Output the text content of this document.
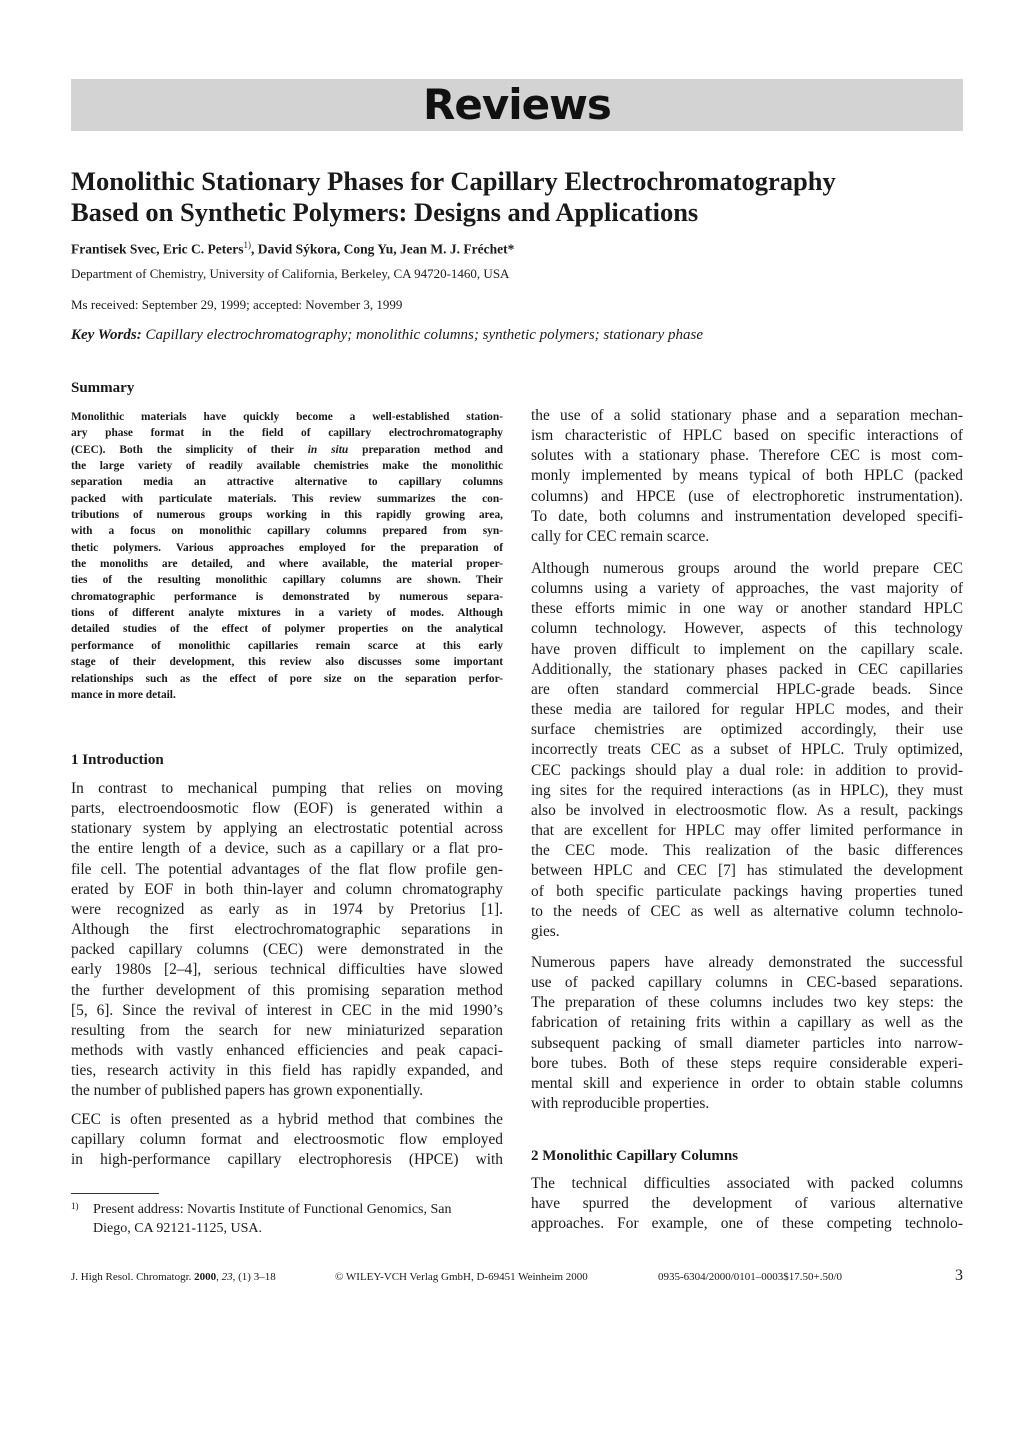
Reviews
Monolithic Stationary Phases for Capillary Electrochromatography
Based on Synthetic Polymers: Designs and Applications
Frantisek Svec, Eric C. Peters$^{1)}$, David Sýkora, Cong Yu, Jean M. J. Fréchet*
Department of Chemistry, University of California, Berkeley, CA 94720-1460, USA
Ms received: September 29, 1999; accepted: November 3, 1999
Key Words: Capillary electrochromatography; monolithic columns; synthetic polymers; stationary phase
Summary
Monolithic materials have quickly become a well-established station-
ary phase format in the field of capillary electrochromatography
(CEC). Both the simplicity of their in situ preparation method and
the large variety of readily available chemistries make the monolithic
separation media an attractive alternative to capillary columns
packed with particulate materials. This review summarizes the con-
tributions of numerous groups working in this rapidly growing area,
with a focus on monolithic capillary columns prepared from syn-
thetic polymers. Various approaches employed for the preparation of
the monoliths are detailed, and where available, the material proper-
ties of the resulting monolithic capillary columns are shown. Their
chromatographic performance is demonstrated by numerous separa-
tions of different analyte mixtures in a variety of modes. Although
detailed studies of the effect of polymer properties on the analytical
performance of monolithic capillaries remain scarce at this early
stage of their development, this review also discusses some important
relationships such as the effect of pore size on the separation perfor-
mance in more detail.
1 Introduction
In contrast to mechanical pumping that relies on moving
parts, electroendoosmotic flow (EOF) is generated within a
stationary system by applying an electrostatic potential across
the entire length of a device, such as a capillary or a flat pro-
file cell. The potential advantages of the flat flow profile gen-
erated by EOF in both thin-layer and column chromatography
were recognized as early as in 1974 by Pretorius [1].
Although the first electrochromatographic separations in
packed capillary columns (CEC) were demonstrated in the
early 1980s [2–4], serious technical difficulties have slowed
the further development of this promising separation method
[5, 6]. Since the revival of interest in CEC in the mid 1990’s
resulting from the search for new miniaturized separation
methods with vastly enhanced efficiencies and peak capaci-
ties, research activity in this field has rapidly expanded, and
the number of published papers has grown exponentially.
CEC is often presented as a hybrid method that combines the
capillary column format and electroosmotic flow employed
in high-performance capillary electrophoresis (HPCE) with
1) Present address: Novartis Institute of Functional Genomics, San
Diego, CA 92121-1125, USA.
the use of a solid stationary phase and a separation mechan-
ism characteristic of HPLC based on specific interactions of
solutes with a stationary phase. Therefore CEC is most com-
monly implemented by means typical of both HPLC (packed
columns) and HPCE (use of electrophoretic instrumentation).
To date, both columns and instrumentation developed specifi-
cally for CEC remain scarce.
Although numerous groups around the world prepare CEC
columns using a variety of approaches, the vast majority of
these efforts mimic in one way or another standard HPLC
column technology. However, aspects of this technology
have proven difficult to implement on the capillary scale.
Additionally, the stationary phases packed in CEC capillaries
are often standard commercial HPLC-grade beads. Since
these media are tailored for regular HPLC modes, and their
surface chemistries are optimized accordingly, their use
incorrectly treats CEC as a subset of HPLC. Truly optimized,
CEC packings should play a dual role: in addition to provid-
ing sites for the required interactions (as in HPLC), they must
also be involved in electroosmotic flow. As a result, packings
that are excellent for HPLC may offer limited performance in
the CEC mode. This realization of the basic differences
between HPLC and CEC [7] has stimulated the development
of both specific particulate packings having properties tuned
to the needs of CEC as well as alternative column technolo-
gies.
Numerous papers have already demonstrated the successful
use of packed capillary columns in CEC-based separations.
The preparation of these columns includes two key steps: the
fabrication of retaining frits within a capillary as well as the
subsequent packing of small diameter particles into narrow-
bore tubes. Both of these steps require considerable experi-
mental skill and experience in order to obtain stable columns
with reproducible properties.
2 Monolithic Capillary Columns
The technical difficulties associated with packed columns
have spurred the development of various alternative
approaches. For example, one of these competing technolo-
J. High Resol. Chromatogr. 2000, 23, (1) 3–18	© WILEY-VCH Verlag GmbH, D-69451 Weinheim 2000	0935-6304/2000/0101–0003$17.50+.50/0	3
